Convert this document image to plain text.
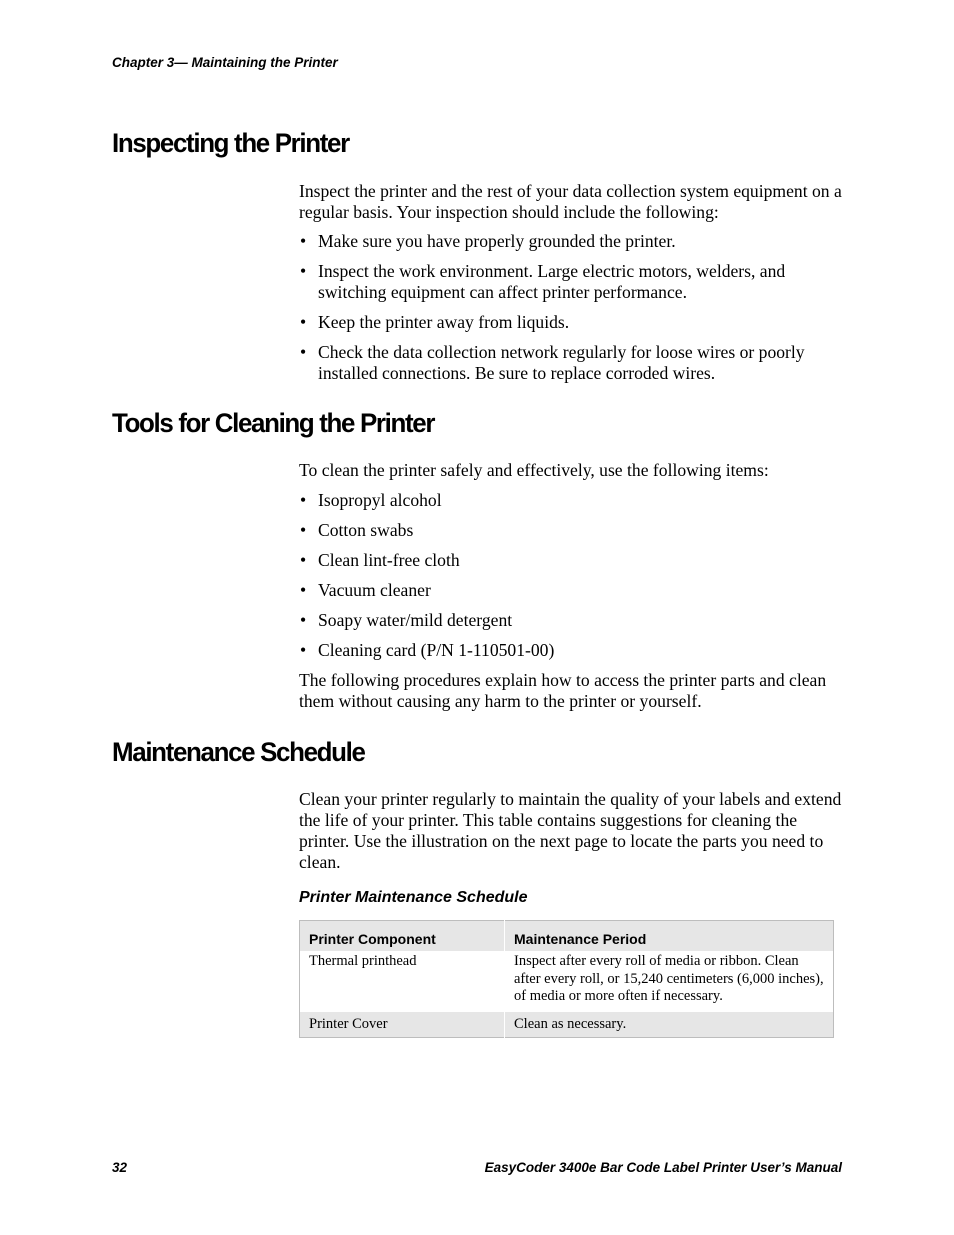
Chapter 3— Maintaining the Printer
Inspecting the Printer

Inspect the printer and the rest of your data collection system equipment on a regular basis. Your inspection should include the following:

• Make sure you have properly grounded the printer.
• Inspect the work environment. Large electric motors, welders, and switching equipment can affect printer performance.
• Keep the printer away from liquids.
• Check the data collection network regularly for loose wires or poorly installed connections. Be sure to replace corroded wires.
Tools for Cleaning the Printer

To clean the printer safely and effectively, use the following items:

• Isopropyl alcohol
• Cotton swabs
• Clean lint-free cloth
• Vacuum cleaner
• Soapy water/mild detergent
• Cleaning card (P/N 1-110501-00)

The following procedures explain how to access the printer parts and clean them without causing any harm to the printer or yourself.

Maintenance Schedule

Clean your printer regularly to maintain the quality of your labels and extend the life of your printer. This table contains suggestions for cleaning the printer. Use the illustration on the next page to locate the parts you need to clean.

Printer Maintenance Schedule
Printer Component	Maintenance Period
Thermal printhead	Inspect after every roll of media or ribbon. Clean after every roll, or 15,240 centimeters (6,000 inches), of media or more often if necessary.
Printer Cover	Clean as necessary.
32	EasyCoder 3400e Bar Code Label Printer User’s Manual
